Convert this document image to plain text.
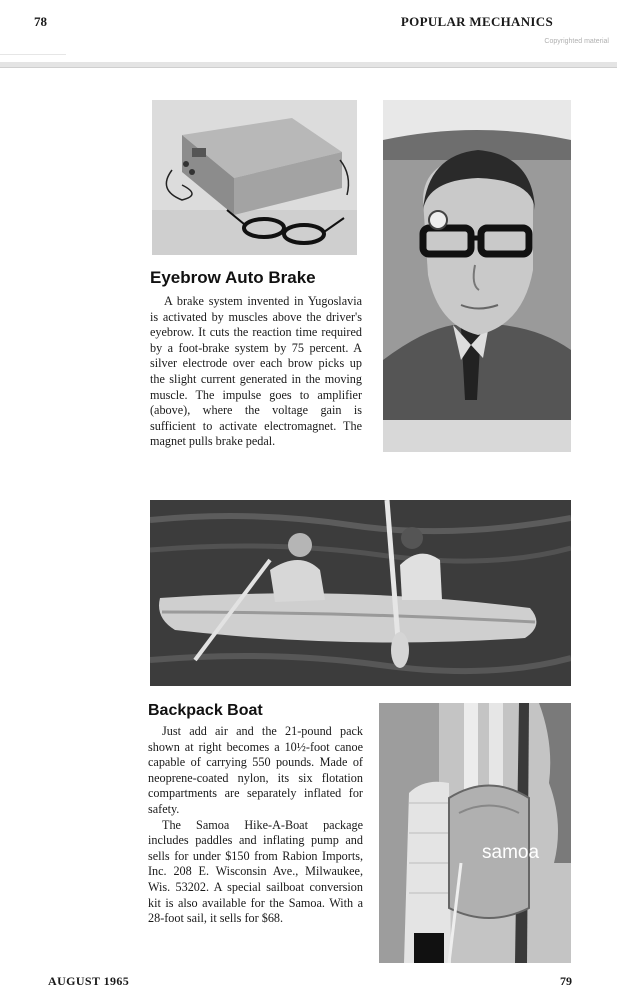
78	POPULAR MECHANICS
Copyrighted material
Eyebrow Auto Brake

A brake system invented in Yugoslavia is activated by muscles above the driver's eyebrow. It cuts the reaction time required by a foot-brake system by 75 percent. A silver electrode over each brow picks up the slight current generated in the moving muscle. The impulse goes to amplifier (above), where the voltage gain is sufficient to activate electromagnet. The magnet pulls brake pedal.

Backpack Boat

Just add air and the 21-pound pack shown at right becomes a 10½-foot canoe capable of carrying 550 pounds. Made of neoprene-coated nylon, its six flotation compartments are separately inflated for safety.

The Samoa Hike-A-Boat package includes paddles and inflating pump and sells for under $150 from Rabion Imports, Inc. 208 E. Wisconsin Ave., Milwaukee, Wis. 53202. A special sailboat conversion kit is also available for the Samoa. With a 28-foot sail, it sells for $68.

samoa
AUGUST 1965	79
